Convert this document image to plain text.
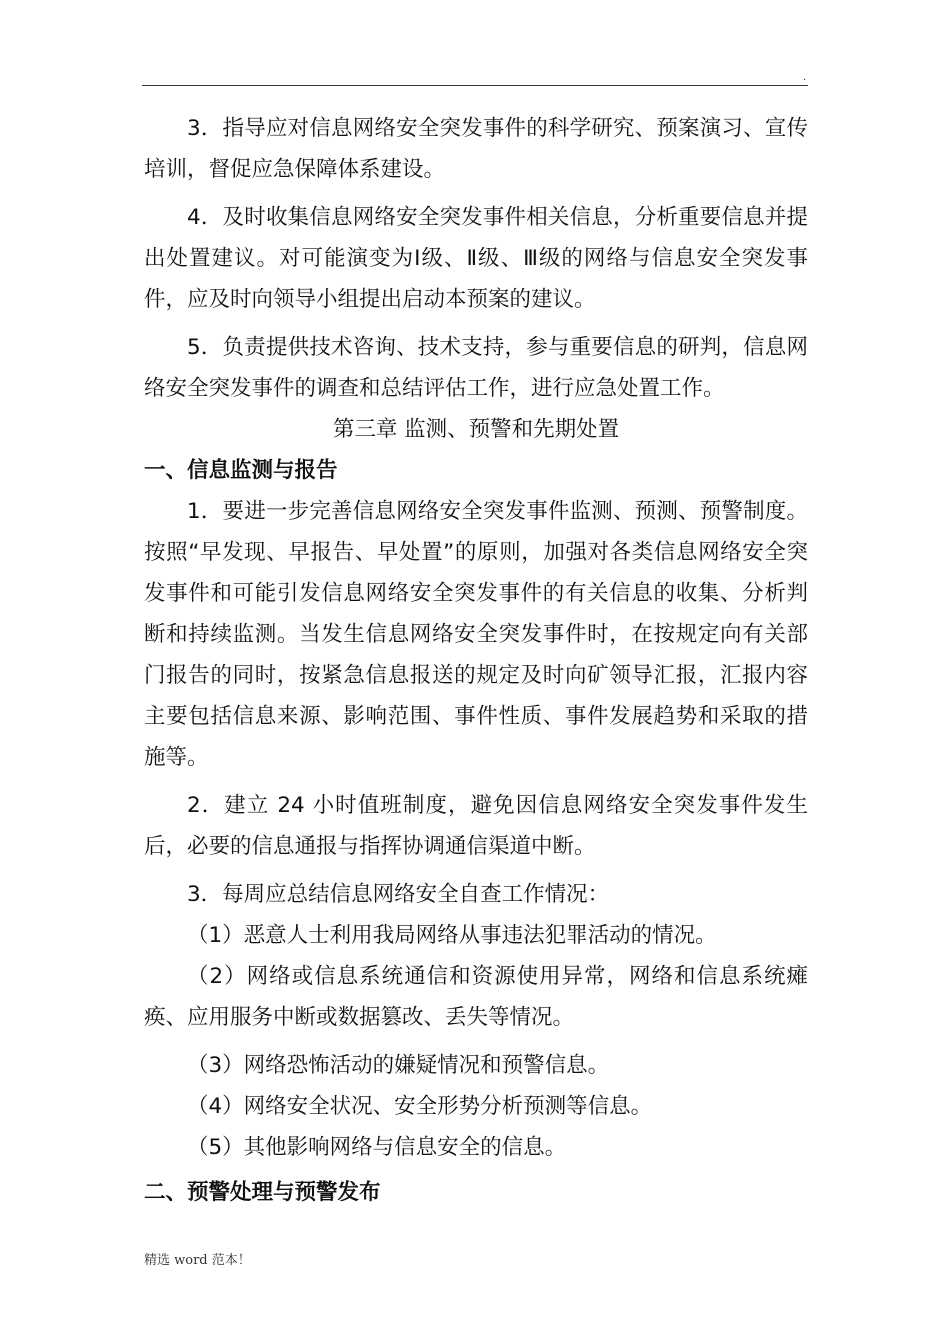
.

3．指导应对信息网络安全突发事件的科学研究、预案演习、宣传培训，督促应急保障体系建设。

4．及时收集信息网络安全突发事件相关信息，分析重要信息并提出处置建议。对可能演变为Ⅰ级、Ⅱ级、Ⅲ级的网络与信息安全突发事件，应及时向领导小组提出启动本预案的建议。

5．负责提供技术咨询、技术支持，参与重要信息的研判，信息网络安全突发事件的调查和总结评估工作，进行应急处置工作。

第三章 监测、预警和先期处置

一、信息监测与报告

1．要进一步完善信息网络安全突发事件监测、预测、预警制度。按照“早发现、早报告、早处置”的原则，加强对各类信息网络安全突发事件和可能引发信息网络安全突发事件的有关信息的收集、分析判断和持续监测。当发生信息网络安全突发事件时，在按规定向有关部门报告的同时，按紧急信息报送的规定及时向矿领导汇报，汇报内容主要包括信息来源、影响范围、事件性质、事件发展趋势和采取的措施等。

2．建立 24 小时值班制度，避免因信息网络安全突发事件发生后，必要的信息通报与指挥协调通信渠道中断。

3．每周应总结信息网络安全自查工作情况：

（1）恶意人士利用我局网络从事违法犯罪活动的情况。

（2）网络或信息系统通信和资源使用异常，网络和信息系统瘫痪、应用服务中断或数据篡改、丢失等情况。

（3）网络恐怖活动的嫌疑情况和预警信息。

（4）网络安全状况、安全形势分析预测等信息。

（5）其他影响网络与信息安全的信息。

二、预警处理与预警发布

精选 word 范本！
